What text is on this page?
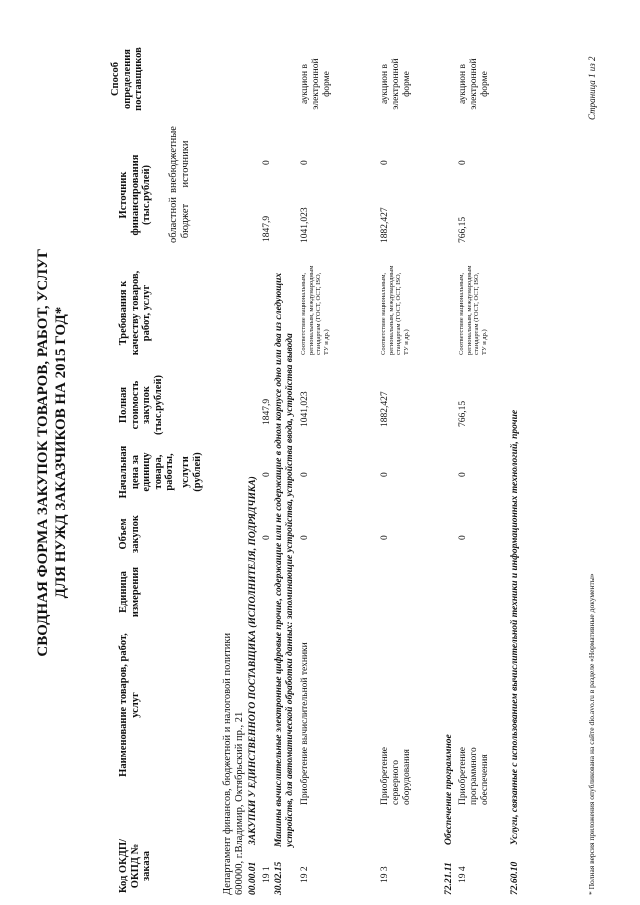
СВОДНАЯ ФОРМА ЗАКУПОК ТОВАРОВ, РАБОТ, УСЛУГ ДЛЯ НУЖД ЗАКАЗЧИКОВ НА 2015 ГОД*
Код ОКДП/ ОКПД № заказа
Наименование товаров, работ, услуг
Единица измерения
Объем закупок
Начальная цена за единицу товара, работы, услуги (рублей)
Полная стоимость закупок (тыс.рублей)
Требования к качеству товаров, работ, услуг
Источник финансирования (тыс.рублей) областной бюджет
внебюджетные источники
Способ определения поставщиков
Департамент финансов, бюджетной и налоговой политики 600000, г.Владимир, Октябрьский пр., 21 00.00.01
ЗАКУПКИ У ЕДИНСТВЕННОГО ПОСТАВЩИКА (ИСПОЛНИТЕЛЯ, ПОДРЯДЧИКА)
19 1
0
0
1847,9
1847,9
0
30.02.15
Машины вычислительные электронные цифровые прочие, содержащие или не содержащие в одном корпусе одно или два из следующих устройств, для автоматической обработки данных: запоминающие устройства, устройства ввода, устройства вывода
19 2
Приобретение вычислительной техники
0
0
1041,023
Соответствие национальным, региональным, международным стандартам (ГОСТ, ОСТ, ISO, ТУ и др.)
1041,023
0
аукцион в электронной форме
19 3
Приобретение серверного оборудования
0
0
1882,427
Соответствие национальным, региональным, международным стандартам (ГОСТ, ОСТ, ISO, ТУ и др.)
1882,427
0
аукцион в электронной форме
72.21.11
Обеспечение программное
19 4
Приобретение программного обеспечения
0
0
766,15
Соответствие национальным, региональным, международным стандартам (ГОСТ, ОСТ, ISO, ТУ и др.)
766,15
0
аукцион в электронной форме
72.60.10
Услуги, связанные с использованием вычислительной техники и информационных технологий, прочие	* Полная версия приложения опубликована на сайте dio.avo.ru в разделе «Нормативные документы»
Страница 1 из 2
